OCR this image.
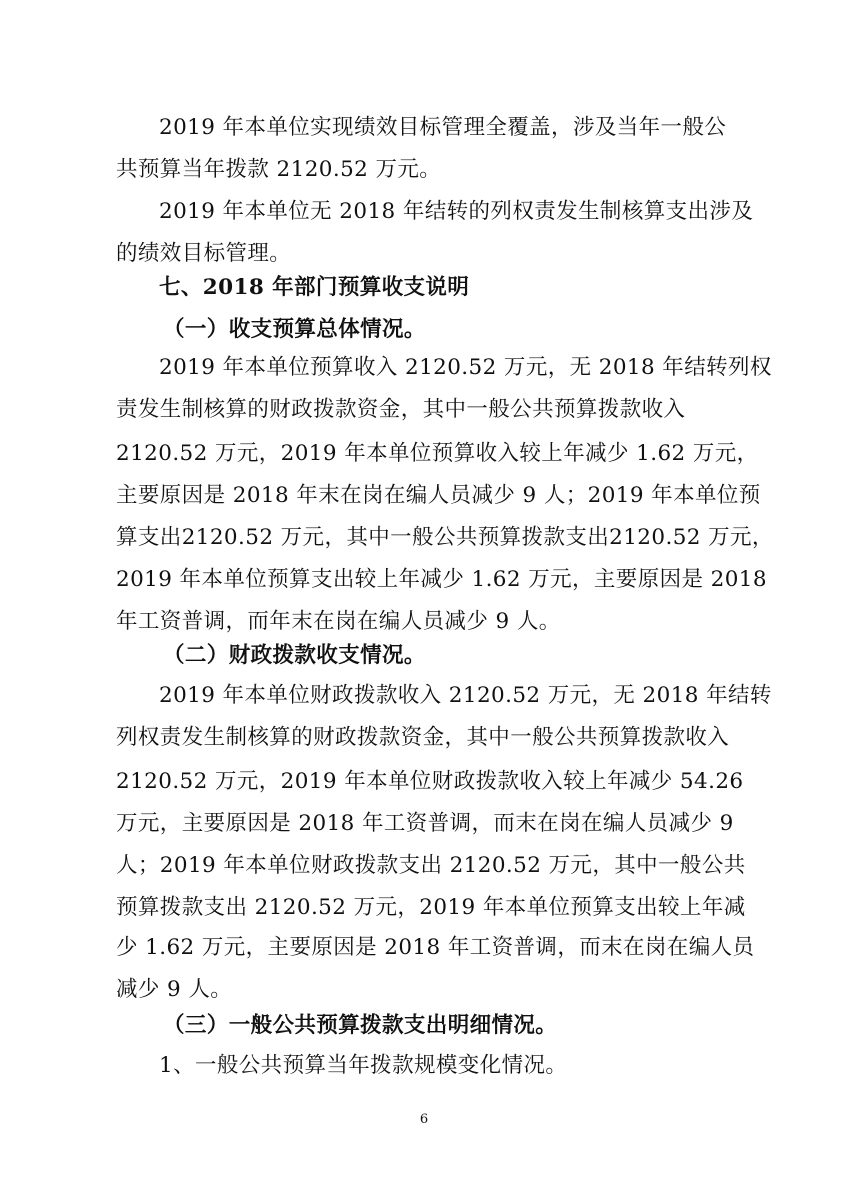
2019 年本单位实现绩效目标管理全覆盖，涉及当年一般公
共预算当年拨款 2120.52 万元。
2019 年本单位无 2018 年结转的列权责发生制核算支出涉及
的绩效目标管理。
七、2018 年部门预算收支说明
（一）收支预算总体情况。
2019 年本单位预算收入 2120.52 万元，无 2018 年结转列权
责发生制核算的财政拨款资金，其中一般公共预算拨款收入
2120.52 万元，2019 年本单位预算收入较上年减少 1.62 万元，
主要原因是 2018 年末在岗在编人员减少 9 人；2019 年本单位预
算支出2120.52 万元，其中一般公共预算拨款支出2120.52 万元，
2019 年本单位预算支出较上年减少 1.62 万元，主要原因是 2018
年工资普调，而年末在岗在编人员减少 9 人。
（二）财政拨款收支情况。
2019 年本单位财政拨款收入 2120.52 万元，无 2018 年结转
列权责发生制核算的财政拨款资金，其中一般公共预算拨款收入
2120.52 万元，2019 年本单位财政拨款收入较上年减少 54.26
万元，主要原因是 2018 年工资普调，而末在岗在编人员减少 9
人；2019 年本单位财政拨款支出 2120.52 万元，其中一般公共
预算拨款支出 2120.52 万元，2019 年本单位预算支出较上年减
少 1.62 万元，主要原因是 2018 年工资普调，而末在岗在编人员
减少 9 人。
（三）一般公共预算拨款支出明细情况。
1、一般公共预算当年拨款规模变化情况。
6
